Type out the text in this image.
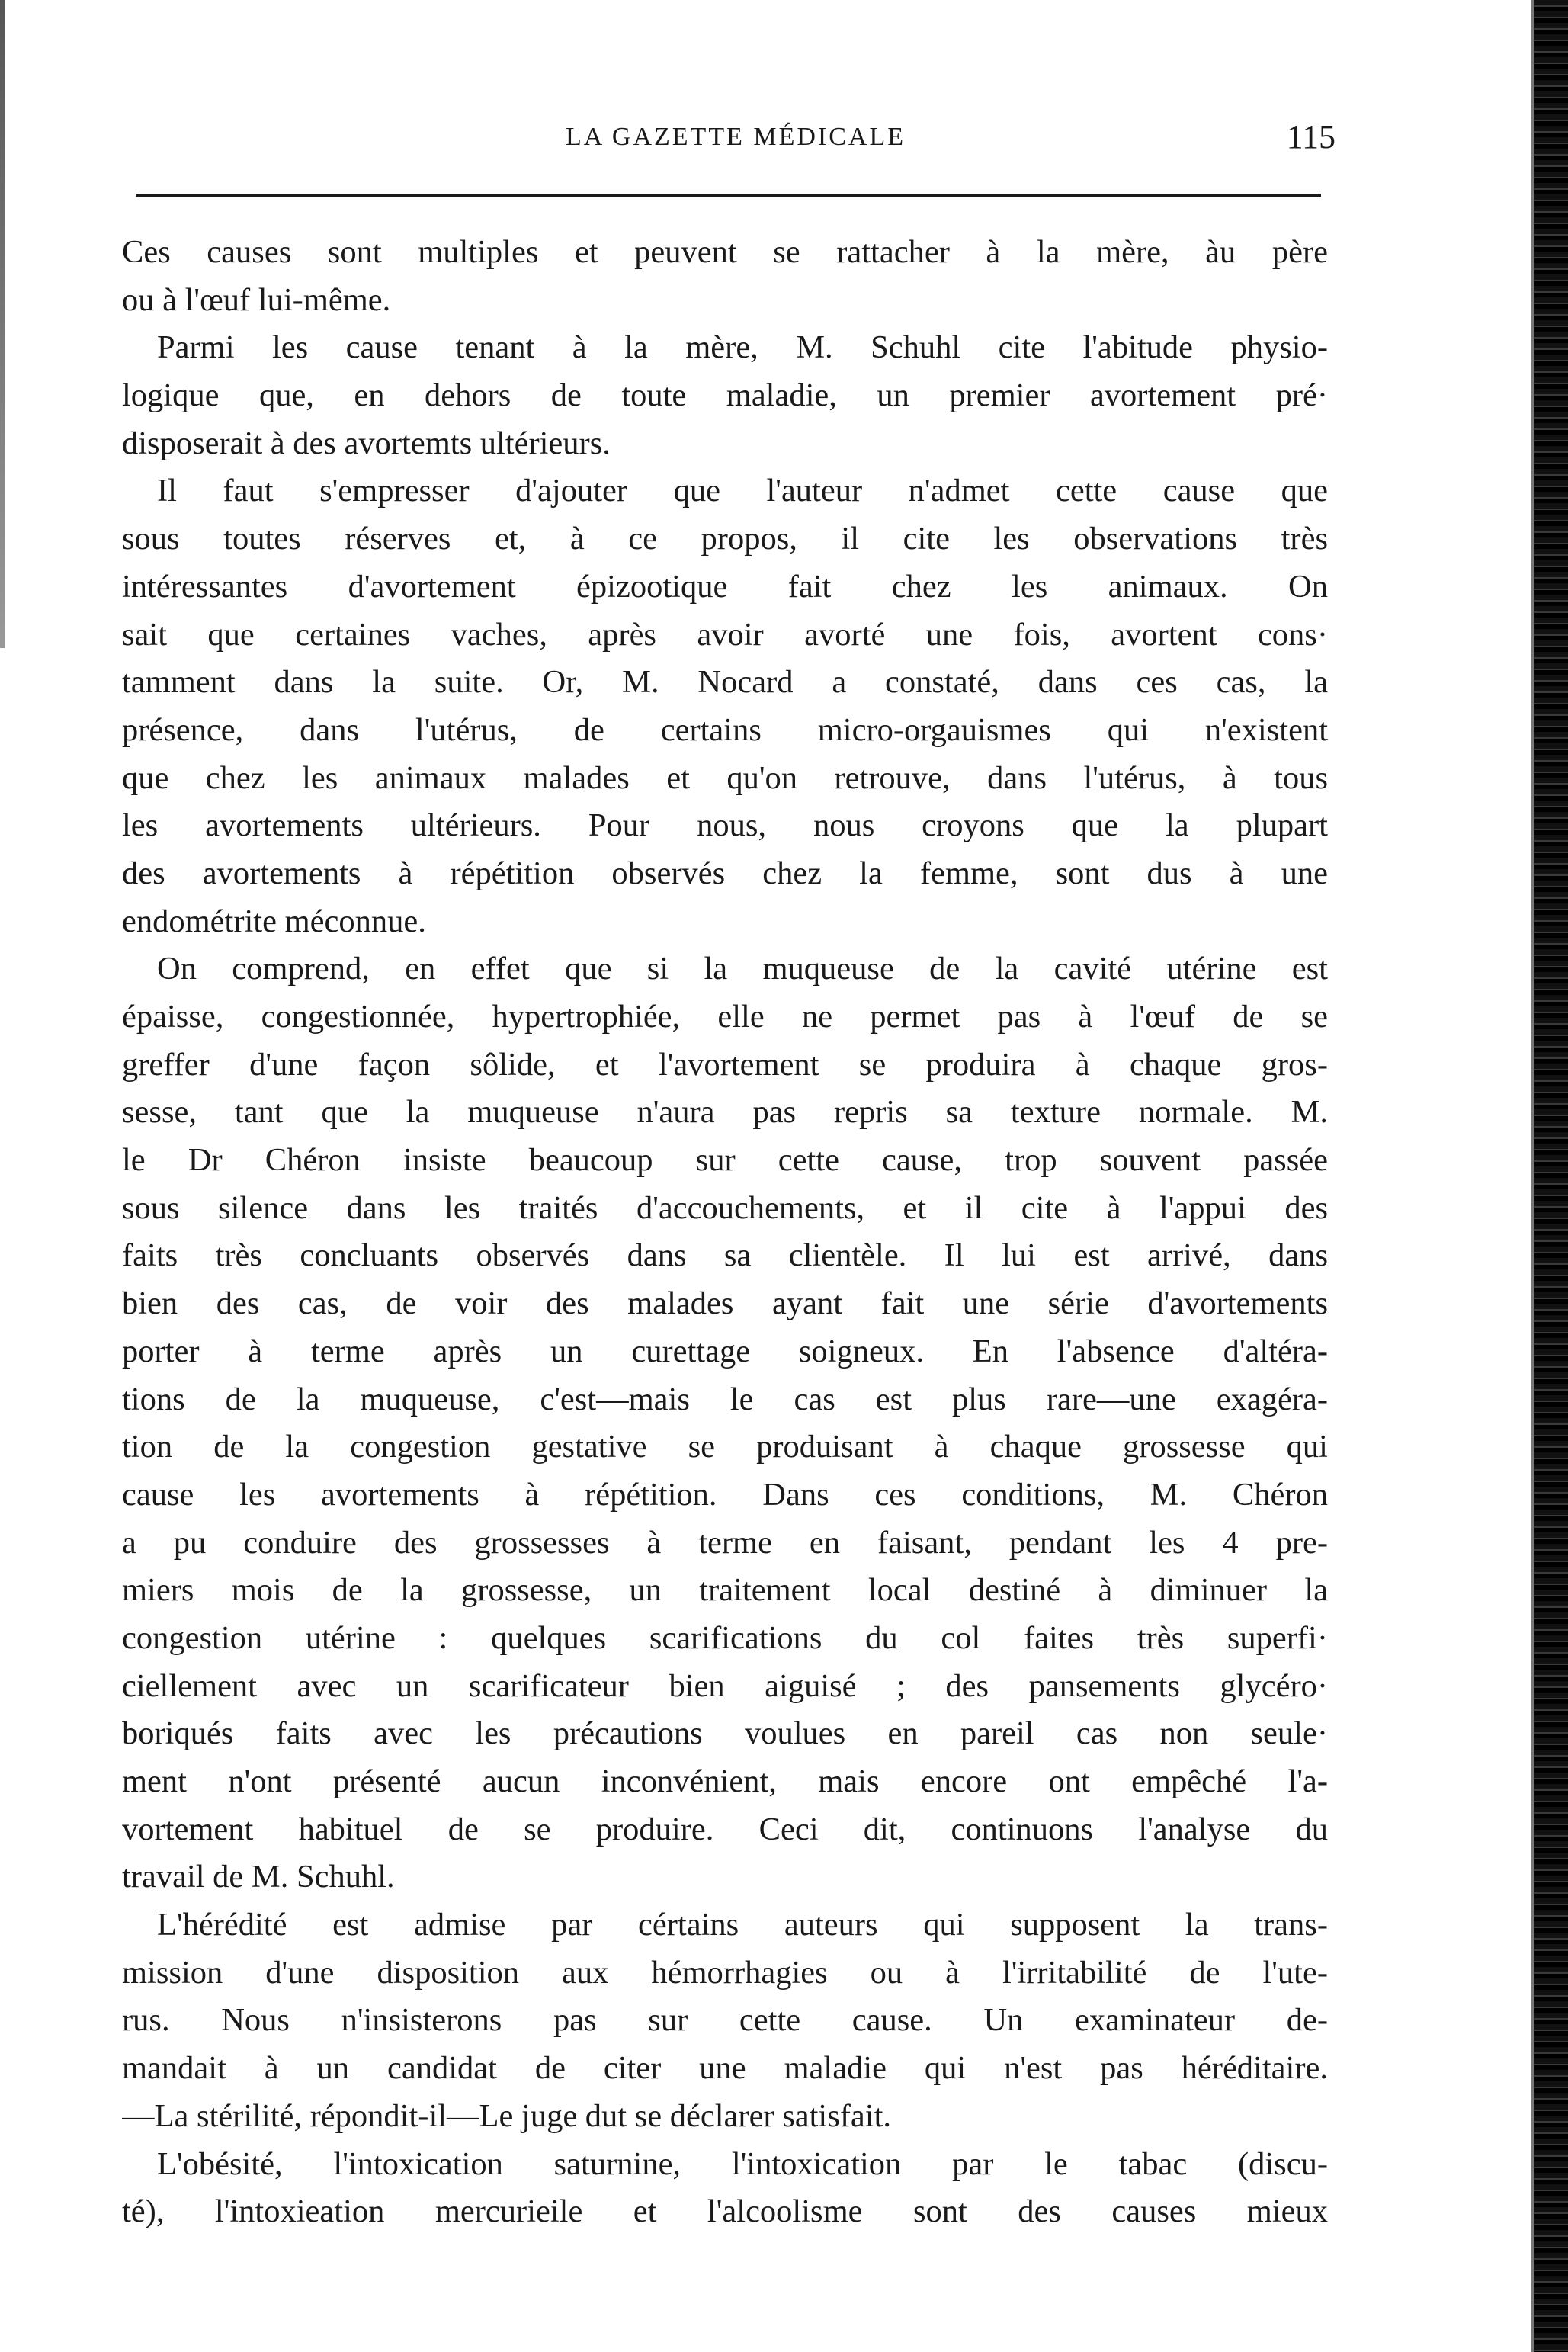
LA GAZETTE MÉDICALE	115
Ces causes sont multiples et peuvent se rattacher à la mère, àu père
ou à l'œuf lui-même.
Parmi les cause tenant à la mère, M. Schuhl cite l'abitude physio-
logique que, en dehors de toute maladie, un premier avortement pré·
disposerait à des avortemts ultérieurs.
Il faut s'empresser d'ajouter que l'auteur n'admet cette cause que
sous toutes réserves et, à ce propos, il cite les observations très
intéressantes d'avortement épizootique fait chez les animaux. On
sait que certaines vaches, après avoir avorté une fois, avortent cons·
tamment dans la suite. Or, M. Nocard a constaté, dans ces cas, la
présence, dans l'utérus, de certains micro-orgauismes qui n'existent
que chez les animaux malades et qu'on retrouve, dans l'utérus, à tous
les avortements ultérieurs. Pour nous, nous croyons que la plupart
des avortements à répétition observés chez la femme, sont dus à une
endométrite méconnue.
On comprend, en effet que si la muqueuse de la cavité utérine est
épaisse, congestionnée, hypertrophiée, elle ne permet pas à l'œuf de se
greffer d'une façon sôlide, et l'avortement se produira à chaque gros-
sesse, tant que la muqueuse n'aura pas repris sa texture normale. M.
le Dr Chéron insiste beaucoup sur cette cause, trop souvent passée
sous silence dans les traités d'accouchements, et il cite à l'appui des
faits très concluants observés dans sa clientèle. Il lui est arrivé, dans
bien des cas, de voir des malades ayant fait une série d'avortements
porter à terme après un curettage soigneux. En l'absence d'altéra-
tions de la muqueuse, c'est—mais le cas est plus rare—une exagéra-
tion de la congestion gestative se produisant à chaque grossesse qui
cause les avortements à répétition. Dans ces conditions, M. Chéron
a pu conduire des grossesses à terme en faisant, pendant les 4 pre-
miers mois de la grossesse, un traitement local destiné à diminuer la
congestion utérine : quelques scarifications du col faites très superfi·
ciellement avec un scarificateur bien aiguisé ; des pansements glycéro·
boriqués faits avec les précautions voulues en pareil cas non seule·
ment n'ont présenté aucun inconvénient, mais encore ont empêché l'a-
vortement habituel de se produire. Ceci dit, continuons l'analyse du
travail de M. Schuhl.
L'hérédité est admise par cértains auteurs qui supposent la trans-
mission d'une disposition aux hémorrhagies ou à l'irritabilité de l'ute-
rus. Nous n'insisterons pas sur cette cause. Un examinateur de-
mandait à un candidat de citer une maladie qui n'est pas héréditaire.
—La stérilité, répondit-il—Le juge dut se déclarer satisfait.
L'obésité, l'intoxication saturnine, l'intoxication par le tabac (discu-
té), l'intoxieation mercurieile et l'alcoolisme sont des causes mieux
